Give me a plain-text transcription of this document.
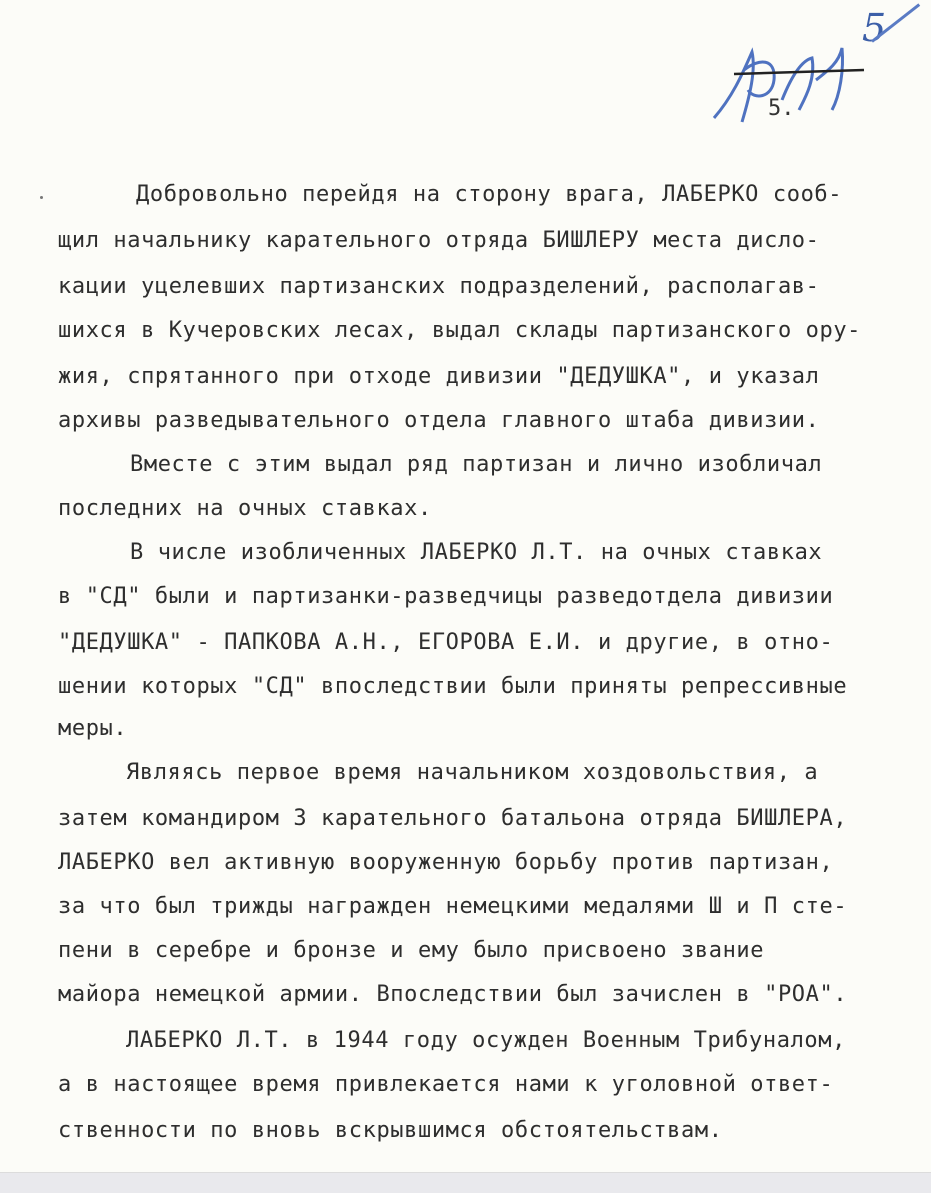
5
5.
Добровольно перейдя на сторону врага, ЛАБЕРКО сооб-
щил начальнику карательного отряда БИШЛЕРУ места дисло-
кации уцелевших партизанских подразделений, располагав-
шихся в Кучеровских лесах, выдал склады партизанского ору-
жия, спрятанного при отходе дивизии "ДЕДУШКА", и указал
архивы разведывательного отдела главного штаба дивизии.
Вместе с этим выдал ряд партизан и лично изобличал
последних на очных ставках.
В числе изобличенных ЛАБЕРКО Л.Т. на очных ставках
в "СД" были и партизанки-разведчицы разведотдела дивизии
"ДЕДУШКА" - ПАПКОВА А.Н., ЕГОРОВА Е.И. и другие, в отно-
шении которых "СД" впоследствии были приняты репрессивные
меры.
Являясь первое время начальником хоздовольствия, а
затем командиром 3 карательного батальона отряда БИШЛЕРА,
ЛАБЕРКО вел активную вооруженную борьбу против партизан,
за что был трижды награжден немецкими медалями Ш и П сте-
пени в серебре и бронзе и ему было присвоено звание
майора немецкой армии. Впоследствии был зачислен в "РОА".
ЛАБЕРКО Л.Т. в 1944 году осужден Военным Трибуналом,
а в настоящее время привлекается нами к уголовной ответ-
ственности по вновь вскрывшимся обстоятельствам.
